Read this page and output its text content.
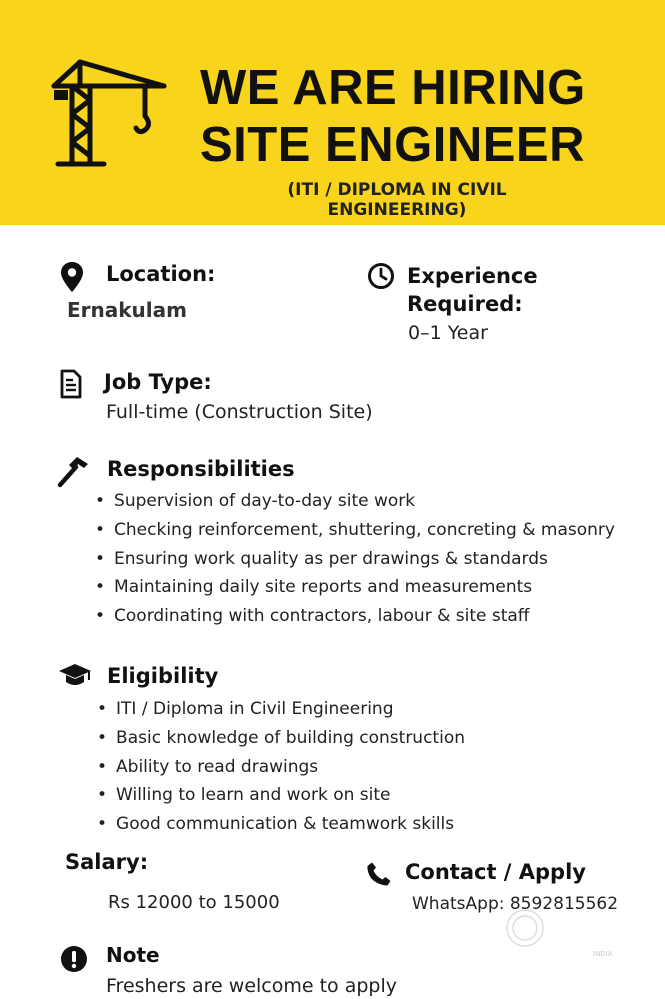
WE ARE HIRING
SITE ENGINEER
(ITI / DIPLOMA IN CIVIL
ENGINEERING)
Location:
Ernakulam
Experience
Required:
0–1 Year
Job Type:
Full-time (Construction Site)
Responsibilities
• Supervision of day-to-day site work
• Checking reinforcement, shuttering, concreting & masonry
• Ensuring work quality as per drawings & standards
• Maintaining daily site reports and measurements
• Coordinating with contractors, labour & site staff
Eligibility
• ITI / Diploma in Civil Engineering
• Basic knowledge of building construction
• Ability to read drawings
• Willing to learn and work on site
• Good communication & teamwork skills
Salary:
Rs 12000 to 15000
Contact / Apply
WhatsApp: 8592815562
Note
Freshers are welcome to apply
INDIA
